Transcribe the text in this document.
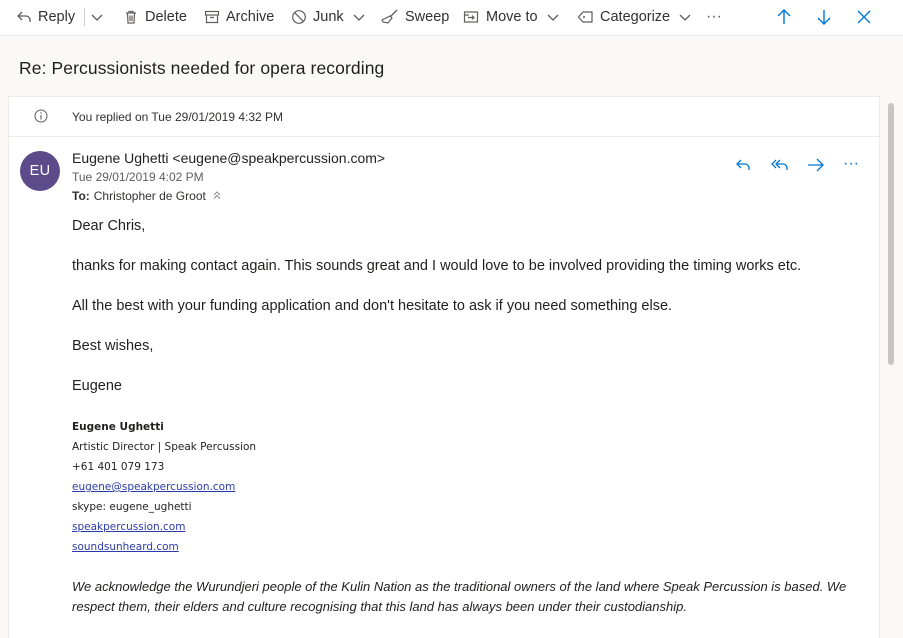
Reply	Delete	Archive	Junk	Sweep	Move to	Categorize ···
Re: Percussionists needed for opera recording
You replied on Tue 29/01/2019 4:32 PM
EU
Eugene Ughetti <eugene@speakpercussion.com>
Tue 29/01/2019 4:02 PM
To: Christopher de Groot
···
Dear Chris,
thanks for making contact again. This sounds great and I would love to be involved providing the timing works etc.
All the best with your funding application and don't hesitate to ask if you need something else.
Best wishes,
Eugene
Eugene Ughetti
Artistic Director | Speak Percussion
+61 401 079 173
eugene@speakpercussion.com
skype: eugene_ughetti
speakpercussion.com
soundsunheard.com
We acknowledge the Wurundjeri people of the Kulin Nation as the traditional owners of the land where Speak Percussion is based. We respect them, their elders and culture recognising that this land has always been under their custodianship.
